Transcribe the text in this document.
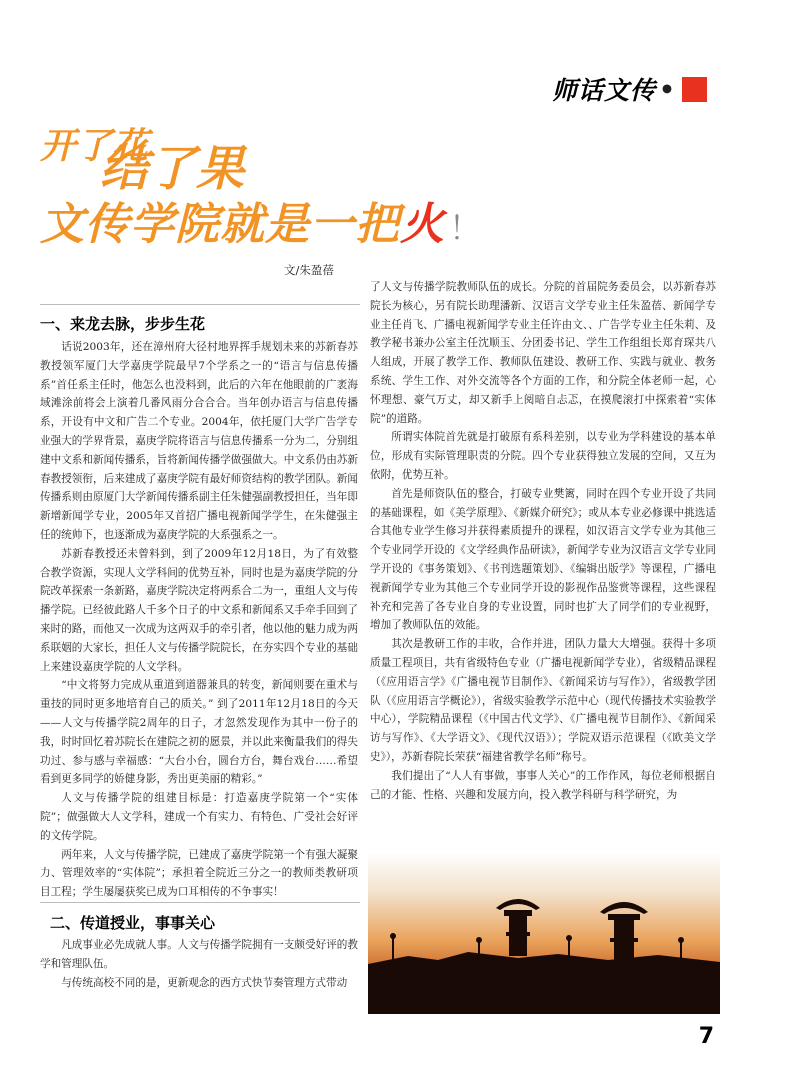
师话文传 •
开了花
结了果
文传学院就是一把火 ！
文/朱盈蓓
一、来龙去脉，步步生花

话说2003年，还在漳州府大径村地界挥手规划未来的苏新春苏教授领军厦门大学嘉庚学院最早7个学系之一的“语言与信息传播系”首任系主任时，他怎么也没料到，此后的六年在他眼前的广袤海域滩涂前将会上演着几番风雨分合合合。当年创办语言与信息传播系，开设有中文和广告二个专业。2004年，依托厦门大学广告学专业强大的学界背景，嘉庚学院将语言与信息传播系一分为二，分别组建中文系和新闻传播系，旨将新闻传播学做强做大。中文系仍由苏新春教授领衔，后来建成了嘉庚学院有最好师资结构的教学团队。新闻传播系则由原厦门大学新闻传播系副主任朱健强副教授担任，当年即新增新闻学专业，2005年又首招广播电视新闻学学生，在朱健强主任的统帅下，也逐渐成为嘉庚学院的大系强系之一。

苏新春教授还未曾料到，到了2009年12月18日，为了有效整合教学资源，实现人文学科间的优势互补，同时也是为嘉庚学院的分院改革探索一条新路，嘉庚学院决定将两系合二为一，重组人文与传播学院。已经彼此路人千多个日子的中文系和新闻系又手牵手回到了来时的路，而他又一次成为这两双手的牵引者，他以他的魅力成为两系联姻的大家长，担任人文与传播学院院长，在夯实四个专业的基础上来建设嘉庚学院的人文学科。

“中文将努力完成从重道到道器兼具的转变，新闻则要在重术与重技的同时更多地培育自己的质关。” 到了2011年12月18日的今天——人文与传播学院2周年的日子，才忽然发现作为其中一份子的我，时时回忆着苏院长在建院之初的愿景，并以此来衡量我们的得失功过、参与感与幸福感：“大台小台，圆台方台，舞台戏台……希望看到更多同学的娇健身影，秀出更美丽的精彩。”

人文与传播学院的组建目标是：打造嘉庚学院第一个“实体院”；做强做大人文学科，建成一个有实力、有特色、广受社会好评的文传学院。

两年来，人文与传播学院，已建成了嘉庚学院第一个有强大凝聚力、管理效率的“实体院”；承担着全院近三分之一的教师类教研项目工程；学生屡屡获奖已成为口耳相传的不争事实！

二、传道授业，事事关心

凡成事业必先成就人事。人文与传播学院拥有一支颇受好评的教学和管理队伍。

与传统高校不同的是，更新观念的西方式快节奏管理方式带动

了人文与传播学院教师队伍的成长。分院的首届院务委员会，以苏新春苏院长为核心，另有院长助理潘新、汉语言文学专业主任朱盈蓓、新闻学专业主任肖飞、广播电视新闻学专业主任许由文、、广告学专业主任朱莉、及教学秘书兼办公室主任沈顺玉、分团委书记、学生工作组组长郑育琛共八人组成，开展了教学工作、教师队伍建设、教研工作、实践与就业、教务系统、学生工作、对外交流等各个方面的工作，和分院全体老师一起，心怀理想、豪气万丈，却又新手上阅暗自忐忑，在摸爬滚打中探索着“实体院”的道路。

所谓实体院首先就是打破原有系科差别，以专业为学科建设的基本单位，形成有实际管理职责的分院。四个专业获得独立发展的空间，又互为依附，优势互补。

首先是师资队伍的整合，打破专业樊篱，同时在四个专业开设了共同的基础课程，如《美学原理》、《新媒介研究》；或从本专业必修课中挑选适合其他专业学生修习并获得素质提升的课程，如汉语言文学专业为其他三个专业同学开设的《文学经典作品研读》，新闻学专业为汉语言文学专业同学开设的《事务策划》、《书刊选题策划》、《编辑出版学》等课程，广播电视新闻学专业为其他三个专业同学开设的影视作品鉴赏等课程，这些课程补充和完善了各专业自身的专业设置，同时也扩大了同学们的专业视野，增加了教师队伍的效能。

其次是教研工作的丰收，合作并进，团队力量大大增强。获得十多项质量工程项目，共有省级特色专业（广播电视新闻学专业），省级精品课程（《应用语言学》《广播电视节目制作》、《新闻采访与写作》），省级教学团队（《应用语言学概论》），省级实验教学示范中心（现代传播技术实验教学中心），学院精品课程（《中国古代文学》、《广播电视节目制作》、《新闻采访与写作》、《大学语文》、《现代汉语》）；学院双语示范课程（《欧美文学史》），苏新春院长荣获“福建省教学名师”称号。

我们提出了“人人有事做，事事人关心”的工作作风，每位老师根据自己的才能、性格、兴趣和发展方向，投入教学科研与科学研究，为

7
